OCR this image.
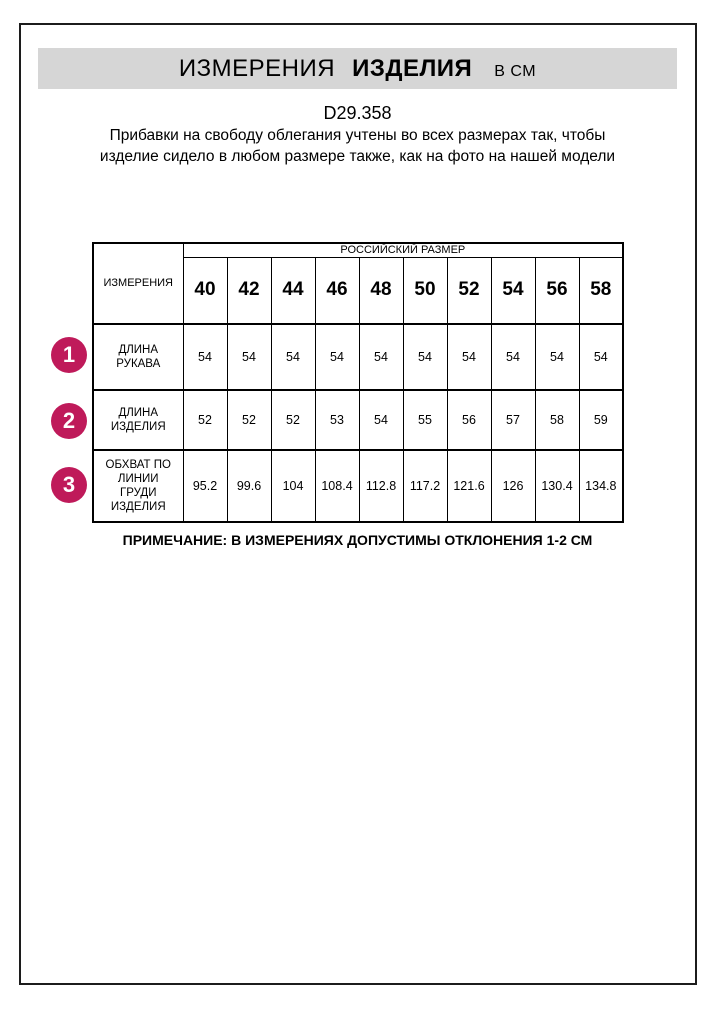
ИЗМЕРЕНИЯ ИЗДЕЛИЯ В СМ
D29.358
Прибавки на свободу облегания учтены во всех размерах так, чтобы изделие сидело в любом размере также, как на фото на нашей модели
ИЗМЕРЕНИЯ	РОССИЙСКИЙ РАЗМЕР									
	40	42	44	46	48	50	52	54	56	58
ДЛИНА РУКАВА	54	54	54	54	54	54	54	54	54	54
ДЛИНА ИЗДЕЛИЯ	52	52	52	53	54	55	56	57	58	59
ОБХВАТ ПО ЛИНИИ ГРУДИ ИЗДЕЛИЯ	95.2	99.6	104	108.4	112.8	117.2	121.6	126	130.4	134.8
1
2
3
ПРИМЕЧАНИЕ: В ИЗМЕРЕНИЯХ ДОПУСТИМЫ ОТКЛОНЕНИЯ 1-2 СМ
